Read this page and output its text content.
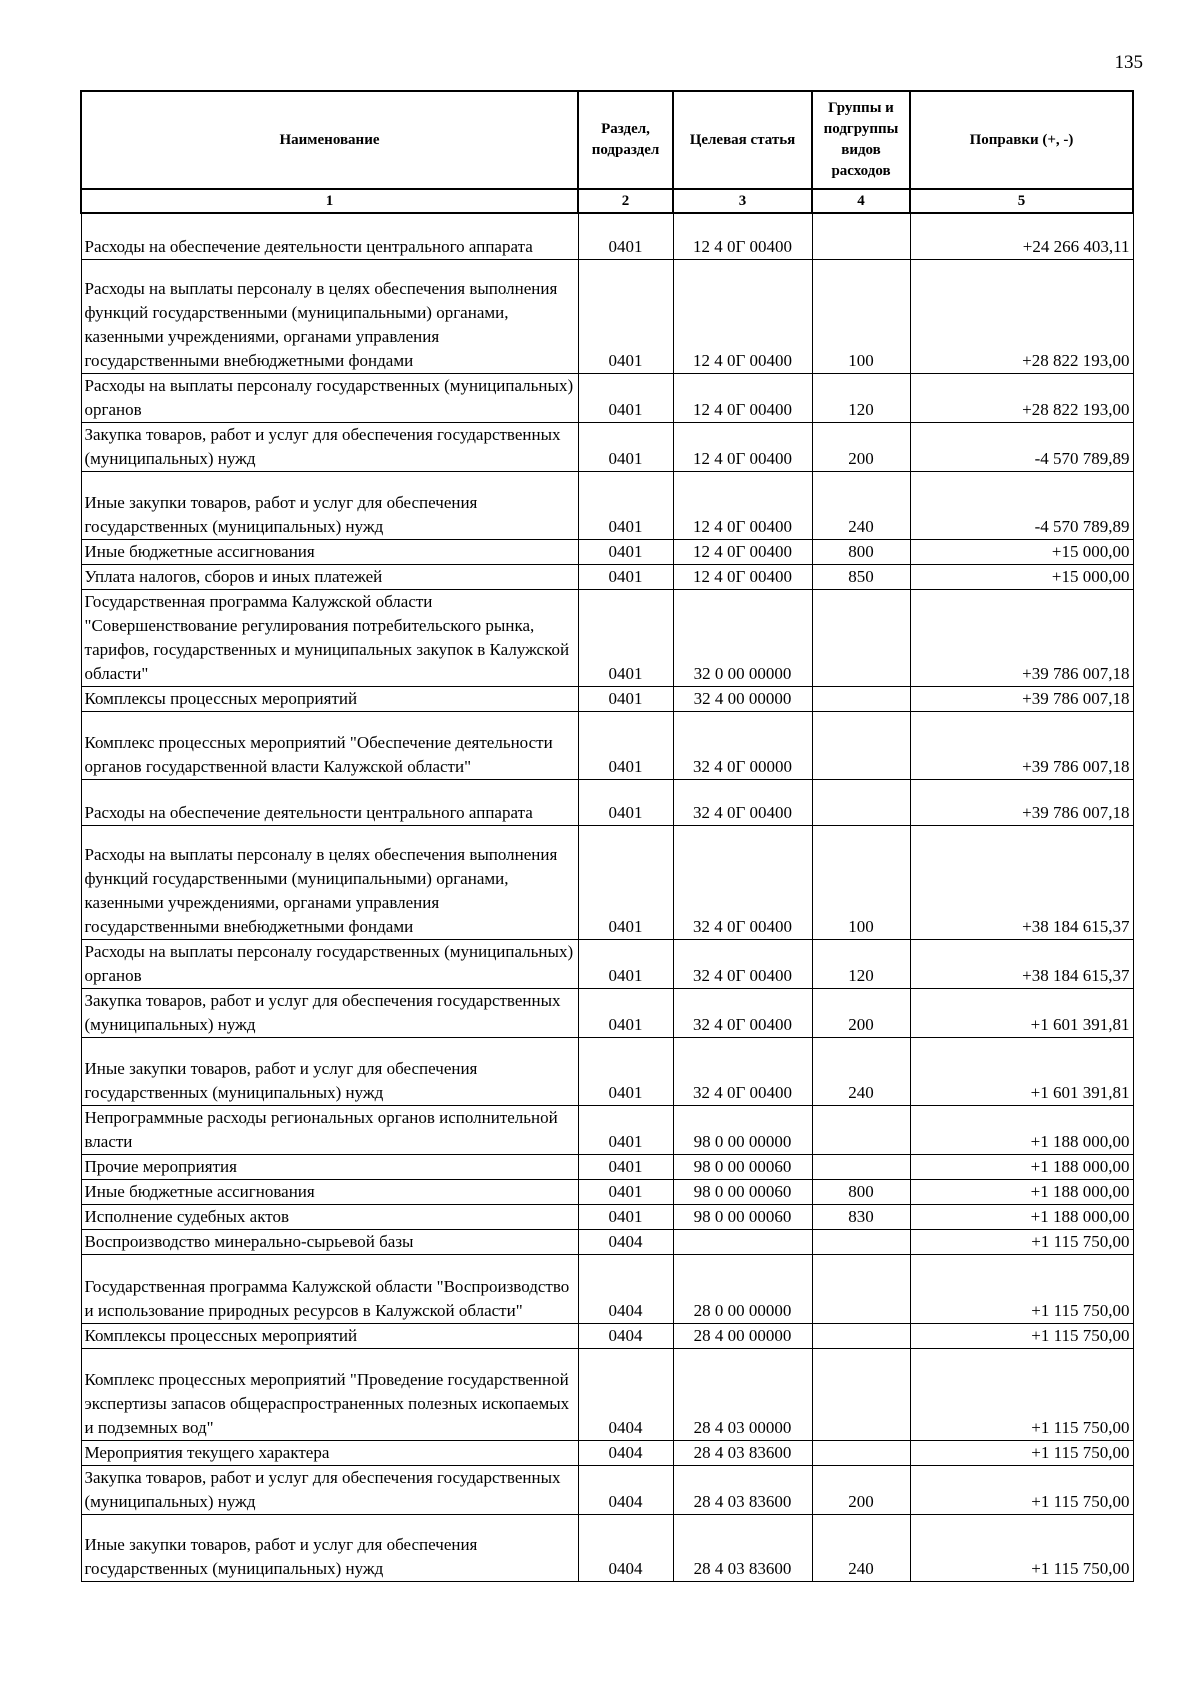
135
Наименование	Раздел, подраздел	Целевая статья	Группы и подгруппы видов расходов	Поправки (+, -)
1	2	3	4	5
Расходы на обеспечение деятельности центрального аппарата	0401	12 4 0Г 00400		+24 266 403,11
Расходы на выплаты персоналу в целях обеспечения выполнения функций государственными (муниципальными) органами, казенными учреждениями, органами управления государственными внебюджетными фондами	0401	12 4 0Г 00400	100	+28 822 193,00
Расходы на выплаты персоналу государственных (муниципальных) органов	0401	12 4 0Г 00400	120	+28 822 193,00
Закупка товаров, работ и услуг для обеспечения государственных (муниципальных) нужд	0401	12 4 0Г 00400	200	-4 570 789,89
Иные закупки товаров, работ и услуг для обеспечения государственных (муниципальных) нужд	0401	12 4 0Г 00400	240	-4 570 789,89
Иные бюджетные ассигнования	0401	12 4 0Г 00400	800	+15 000,00
Уплата налогов, сборов и иных платежей	0401	12 4 0Г 00400	850	+15 000,00
Государственная программа Калужской области "Совершенствование регулирования потребительского рынка, тарифов, государственных и муниципальных закупок в Калужской области"	0401	32 0 00 00000		+39 786 007,18
Комплексы процессных мероприятий	0401	32 4 00 00000		+39 786 007,18
Комплекс процессных мероприятий "Обеспечение деятельности органов государственной власти Калужской области"	0401	32 4 0Г 00000		+39 786 007,18
Расходы на обеспечение деятельности центрального аппарата	0401	32 4 0Г 00400		+39 786 007,18
Расходы на выплаты персоналу в целях обеспечения выполнения функций государственными (муниципальными) органами, казенными учреждениями, органами управления государственными внебюджетными фондами	0401	32 4 0Г 00400	100	+38 184 615,37
Расходы на выплаты персоналу государственных (муниципальных) органов	0401	32 4 0Г 00400	120	+38 184 615,37
Закупка товаров, работ и услуг для обеспечения государственных (муниципальных) нужд	0401	32 4 0Г 00400	200	+1 601 391,81
Иные закупки товаров, работ и услуг для обеспечения государственных (муниципальных) нужд	0401	32 4 0Г 00400	240	+1 601 391,81
Непрограммные расходы региональных органов исполнительной власти	0401	98 0 00 00000		+1 188 000,00
Прочие мероприятия	0401	98 0 00 00060		+1 188 000,00
Иные бюджетные ассигнования	0401	98 0 00 00060	800	+1 188 000,00
Исполнение судебных актов	0401	98 0 00 00060	830	+1 188 000,00
Воспроизводство минерально-сырьевой базы	0404			+1 115 750,00
Государственная программа Калужской области "Воспроизводство и использование природных ресурсов в Калужской области"	0404	28 0 00 00000		+1 115 750,00
Комплексы процессных мероприятий	0404	28 4 00 00000		+1 115 750,00
Комплекс процессных мероприятий "Проведение государственной экспертизы запасов общераспространенных полезных ископаемых и подземных вод"	0404	28 4 03 00000		+1 115 750,00
Мероприятия текущего характера	0404	28 4 03 83600		+1 115 750,00
Закупка товаров, работ и услуг для обеспечения государственных (муниципальных) нужд	0404	28 4 03 83600	200	+1 115 750,00
Иные закупки товаров, работ и услуг для обеспечения государственных (муниципальных) нужд	0404	28 4 03 83600	240	+1 115 750,00
